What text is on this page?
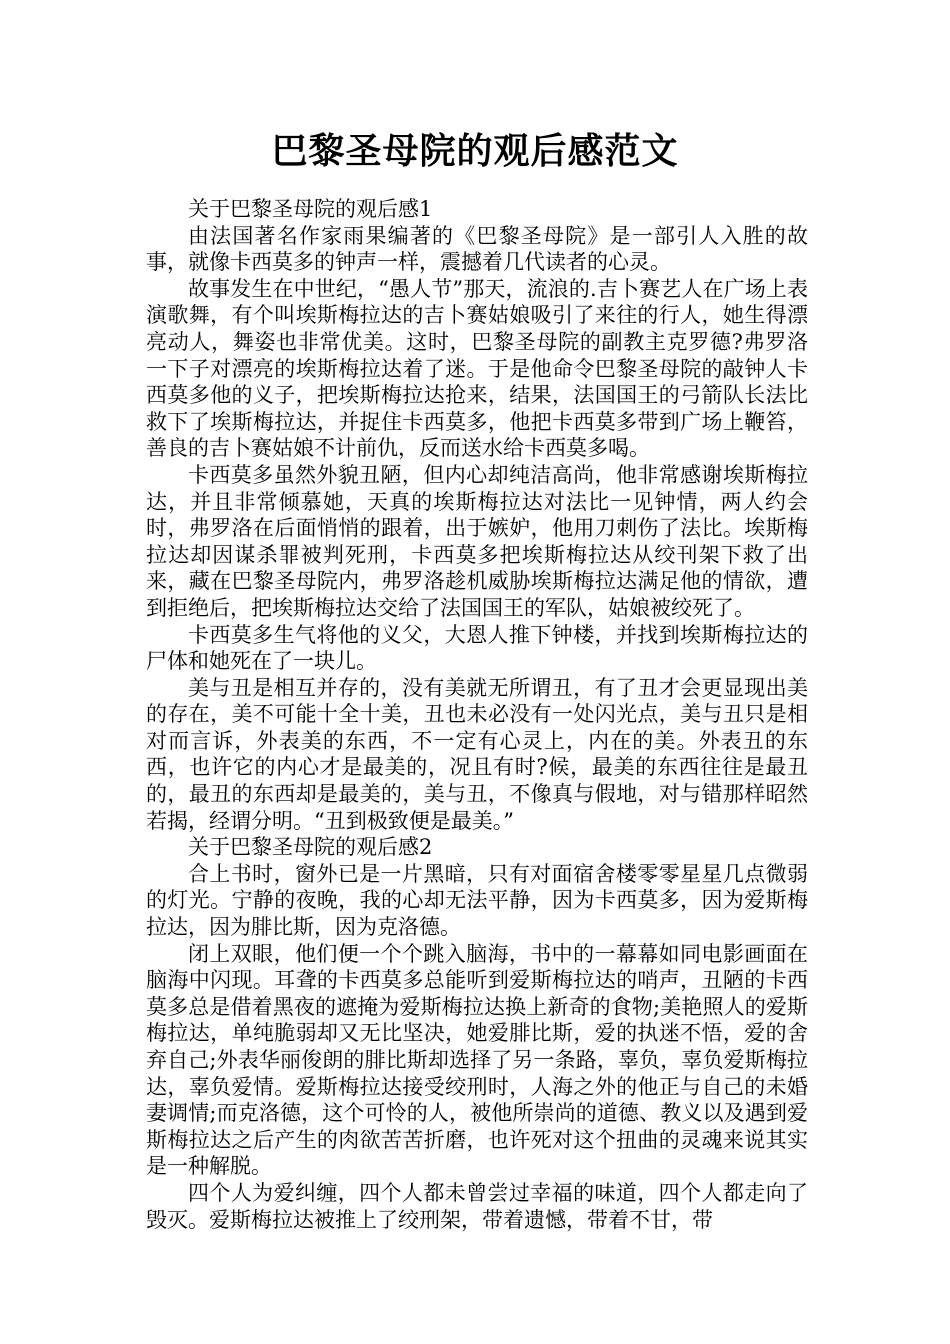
巴黎圣母院的观后感范文

关于巴黎圣母院的观后感1

由法国著名作家雨果编著的《巴黎圣母院》是一部引人入胜的故事，就像卡西莫多的钟声一样，震撼着几代读者的心灵。

故事发生在中世纪，“愚人节”那天，流浪的.吉卜赛艺人在广场上表演歌舞，有个叫埃斯梅拉达的吉卜赛姑娘吸引了来往的行人，她生得漂亮动人，舞姿也非常优美。这时，巴黎圣母院的副教主克罗德?弗罗洛一下子对漂亮的埃斯梅拉达着了迷。于是他命令巴黎圣母院的敲钟人卡西莫多他的义子，把埃斯梅拉达抢来，结果，法国国王的弓箭队长法比救下了埃斯梅拉达，并捉住卡西莫多，他把卡西莫多带到广场上鞭笞，善良的吉卜赛姑娘不计前仇，反而送水给卡西莫多喝。

卡西莫多虽然外貌丑陋，但内心却纯洁高尚，他非常感谢埃斯梅拉达，并且非常倾慕她，天真的埃斯梅拉达对法比一见钟情，两人约会时，弗罗洛在后面悄悄的跟着，出于嫉妒，他用刀刺伤了法比。埃斯梅拉达却因谋杀罪被判死刑，卡西莫多把埃斯梅拉达从绞刊架下救了出来，藏在巴黎圣母院内，弗罗洛趁机威胁埃斯梅拉达满足他的情欲，遭到拒绝后，把埃斯梅拉达交给了法国国王的军队，姑娘被绞死了。

卡西莫多生气将他的义父，大恩人推下钟楼，并找到埃斯梅拉达的尸体和她死在了一块儿。

美与丑是相互并存的，没有美就无所谓丑，有了丑才会更显现出美的存在，美不可能十全十美，丑也未必没有一处闪光点，美与丑只是相对而言诉，外表美的东西，不一定有心灵上，内在的美。外表丑的东西，也许它的内心才是最美的，况且有时?候，最美的东西往往是最丑的，最丑的东西却是最美的，美与丑，不像真与假地，对与错那样昭然若揭，经谓分明。“丑到极致便是最美。”

关于巴黎圣母院的观后感2

合上书时，窗外已是一片黑暗，只有对面宿舍楼零零星星几点微弱的灯光。宁静的夜晚，我的心却无法平静，因为卡西莫多，因为爱斯梅拉达，因为腓比斯，因为克洛德。

闭上双眼，他们便一个个跳入脑海，书中的一幕幕如同电影画面在脑海中闪现。耳聋的卡西莫多总能听到爱斯梅拉达的哨声，丑陋的卡西莫多总是借着黑夜的遮掩为爱斯梅拉达换上新奇的食物;美艳照人的爱斯梅拉达，单纯脆弱却又无比坚决，她爱腓比斯，爱的执迷不悟，爱的舍弃自己;外表华丽俊朗的腓比斯却选择了另一条路，辜负，辜负爱斯梅拉达，辜负爱情。爱斯梅拉达接受绞刑时，人海之外的他正与自己的未婚妻调情;而克洛德，这个可怜的人，被他所崇尚的道德、教义以及遇到爱斯梅拉达之后产生的肉欲苦苦折磨，也许死对这个扭曲的灵魂来说其实是一种解脱。

四个人为爱纠缠，四个人都未曾尝过幸福的味道，四个人都走向了毁灭。爱斯梅拉达被推上了绞刑架，带着遗憾，带着不甘，带
